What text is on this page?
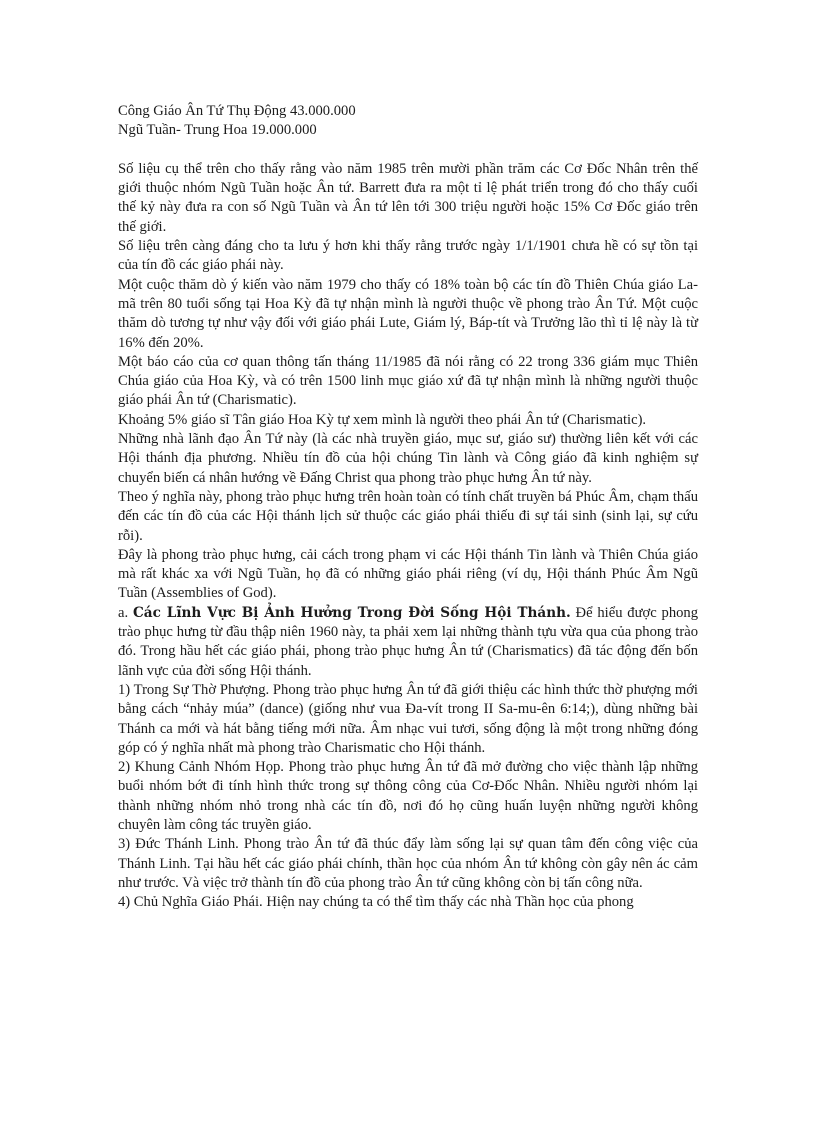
Công Giáo Ân Tứ Thụ Động 43.000.000
Ngũ Tuần- Trung Hoa 19.000.000

Số liệu cụ thể trên cho thấy rằng vào năm 1985 trên mười phần trăm các Cơ Đốc Nhân trên thế giới thuộc nhóm Ngũ Tuần hoặc Ân tứ. Barrett đưa ra một tỉ lệ phát triển trong đó cho thấy cuối thế kỷ này đưa ra con số Ngũ Tuần và Ân tứ lên tới 300 triệu người hoặc 15% Cơ Đốc giáo trên thế giới.

Số liệu trên càng đáng cho ta lưu ý hơn khi thấy rằng trước ngày 1/1/1901 chưa hề có sự tồn tại của tín đồ các giáo phái này.

Một cuộc thăm dò ý kiến vào năm 1979 cho thấy có 18% toàn bộ các tín đồ Thiên Chúa giáo La-mã trên 80 tuổi sống tại Hoa Kỳ đã tự nhận mình là người thuộc về phong trào Ân Tứ. Một cuộc thăm dò tương tự như vậy đối với giáo phái Lute, Giám lý, Báp-tít và Trưởng lão thì tỉ lệ này là từ 16% đến 20%.

Một báo cáo của cơ quan thông tấn tháng 11/1985 đã nói rằng có 22 trong 336 giám mục Thiên Chúa giáo của Hoa Kỳ, và có trên 1500 linh mục giáo xứ đã tự nhận mình là những người thuộc giáo phái Ân tứ (Charismatic).

Khoảng 5% giáo sĩ Tân giáo Hoa Kỳ tự xem mình là người theo phái Ân tứ (Charismatic).

Những nhà lãnh đạo Ân Tứ này (là các nhà truyền giáo, mục sư, giáo sư) thường liên kết với các Hội thánh địa phương. Nhiều tín đồ của hội chúng Tin lành và Công giáo đã kinh nghiệm sự chuyển biến cá nhân hướng về Đấng Christ qua phong trào phục hưng Ân tứ này.

Theo ý nghĩa này, phong trào phục hưng trên hoàn toàn có tính chất truyền bá Phúc Âm, chạm thấu đến các tín đồ của các Hội thánh lịch sử thuộc các giáo phái thiếu đi sự tái sinh (sinh lại, sự cứu rỗi).

Đây là phong trào phục hưng, cải cách trong phạm vi các Hội thánh Tin lành và Thiên Chúa giáo mà rất khác xa với Ngũ Tuần, họ đã có những giáo phái riêng (ví dụ, Hội thánh Phúc Âm Ngũ Tuần (Assemblies of God).

a. Các Lĩnh Vực Bị Ảnh Hưởng Trong Đời Sống Hội Thánh. Để hiểu được phong trào phục hưng từ đầu thập niên 1960 này, ta phải xem lại những thành tựu vừa qua của phong trào đó. Trong hầu hết các giáo phái, phong trào phục hưng Ân tứ (Charismatics) đã tác động đến bốn lãnh vực của đời sống Hội thánh.

1) Trong Sự Thờ Phượng. Phong trào phục hưng Ân tứ đã giới thiệu các hình thức thờ phượng mới bằng cách “nhảy múa” (dance) (giống như vua Đa-vít trong II Sa-mu-ên 6:14;), dùng những bài Thánh ca mới và hát bằng tiếng mới nữa. Âm nhạc vui tươi, sống động là một trong những đóng góp có ý nghĩa nhất mà phong trào Charismatic cho Hội thánh.

2) Khung Cảnh Nhóm Họp. Phong trào phục hưng Ân tứ đã mở đường cho việc thành lập những buổi nhóm bớt đi tính hình thức trong sự thông công của Cơ-Đốc Nhân. Nhiều người nhóm lại thành những nhóm nhỏ trong nhà các tín đồ, nơi đó họ cũng huấn luyện những người không chuyên làm công tác truyền giáo.

3) Đức Thánh Linh. Phong trào Ân tứ đã thúc đẩy làm sống lại sự quan tâm đến công việc của Thánh Linh. Tại hầu hết các giáo phái chính, thần học của nhóm Ân tứ không còn gây nên ác cảm như trước. Và việc trở thành tín đồ của phong trào Ân tứ cũng không còn bị tấn công nữa.

4) Chủ Nghĩa Giáo Phái. Hiện nay chúng ta có thể tìm thấy các nhà Thần học của phong
